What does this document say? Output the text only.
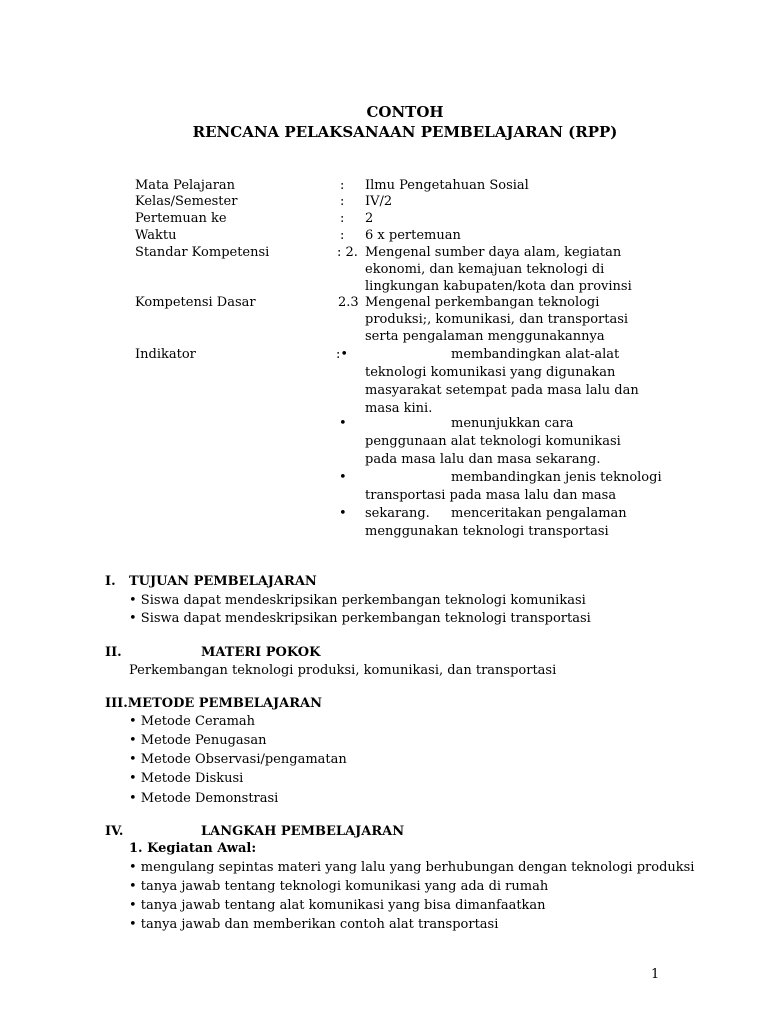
CONTOH
RENCANA PELAKSANAAN PEMBELAJARAN (RPP)
Mata Pelajaran	: Ilmu Pengetahuan Sosial
Kelas/Semester	: IV/2
Pertemuan ke	: 2
Waktu	: 6 x pertemuan
Standar Kompetensi	: 2. Mengenal sumber daya alam, kegiatan ekonomi, dan kemajuan teknologi di lingkungan kabupaten/kota dan provinsi
Kompetensi Dasar	2.3 Mengenal perkembangan teknologi produksi;, komunikasi, dan transportasi serta pengalaman menggunakannya
Indikator	:•	membandingkan alat-alat teknologi komunikasi yang digunakan masyarakat setempat pada masa lalu dan masa kini.
•	menunjukkan cara penggunaan alat teknologi komunikasi pada masa lalu dan masa sekarang.
•	membandingkan jenis teknologi transportasi pada masa lalu dan masa sekarang.
•	menceritakan pengalaman menggunakan teknologi transportasi
I. TUJUAN PEMBELAJARAN
• Siswa dapat mendeskripsikan perkembangan teknologi komunikasi
• Siswa dapat mendeskripsikan perkembangan teknologi transportasi
II.	MATERI POKOK
Perkembangan teknologi produksi, komunikasi, dan transportasi
III.METODE PEMBELAJARAN
• Metode Ceramah
• Metode Penugasan
• Metode Observasi/pengamatan
• Metode Diskusi
• Metode Demonstrasi
IV.	LANGKAH PEMBELAJARAN
1. Kegiatan Awal:
• mengulang sepintas materi yang lalu yang berhubungan dengan teknologi produksi
• tanya jawab tentang teknologi komunikasi yang ada di rumah
• tanya jawab tentang alat komunikasi yang bisa dimanfaatkan
• tanya jawab dan memberikan contoh alat transportasi
1
